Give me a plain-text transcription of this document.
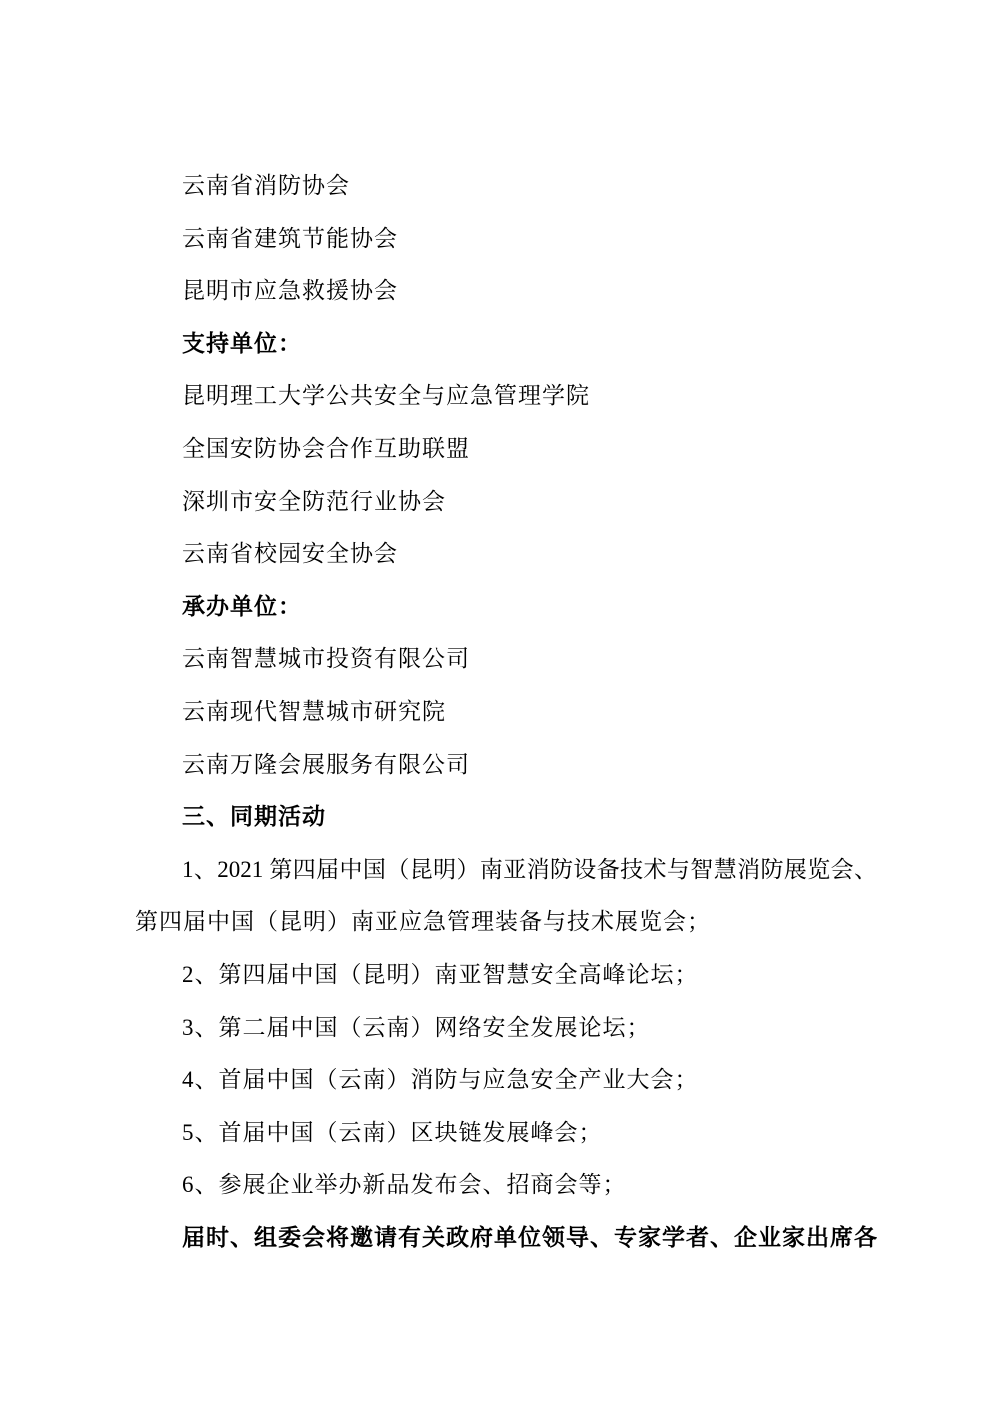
云南省消防协会

云南省建筑节能协会

昆明市应急救援协会

支持单位：

昆明理工大学公共安全与应急管理学院

全国安防协会合作互助联盟

深圳市安全防范行业协会

云南省校园安全协会

承办单位：

云南智慧城市投资有限公司

云南现代智慧城市研究院

云南万隆会展服务有限公司

三、同期活动

1、2021 第四届中国（昆明）南亚消防设备技术与智慧消防展览会、

第四届中国（昆明）南亚应急管理装备与技术展览会；

2、第四届中国（昆明）南亚智慧安全高峰论坛；

3、第二届中国（云南）网络安全发展论坛；

4、首届中国（云南）消防与应急安全产业大会；

5、首届中国（云南）区块链发展峰会；

6、参展企业举办新品发布会、招商会等；

届时、组委会将邀请有关政府单位领导、专家学者、企业家出席各
